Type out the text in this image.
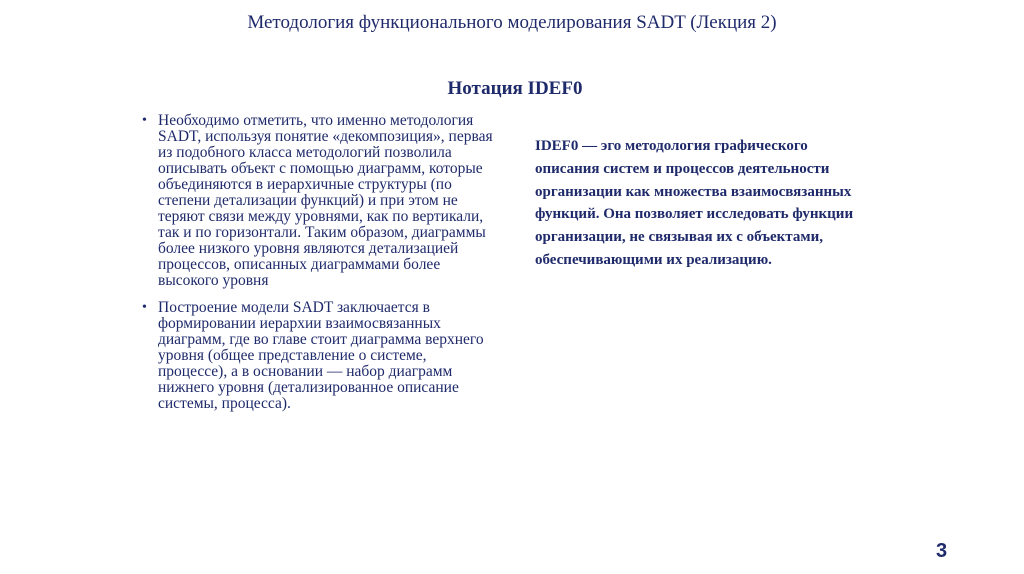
Методология функционального моделирования SADT (Лекция 2)
Нотация IDEF0
• Необходимо отметить, что именно методология SADT, используя понятие «декомпозиция», первая из подобного класса методологий позволила описывать объект с помощью диаграмм, которые объединяются в иерархичные структуры (по степени детализации функций) и при этом не теряют связи между уровнями, как по вертикали, так и по горизонтали. Таким образом, диаграммы более низкого уровня являются детализацией процессов, описанных диаграммами более высокого уровня
• Построение модели SADT заключается в формировании иерархии взаимосвязанных диаграмм, где во главе стоит диаграмма верхнего уровня (общее представление о системе, процессе), а в основании — набор диаграмм нижнего уровня (детализированное описание системы, процесса).
IDEF0 — эго методология графического описания систем и процессов деятельности организации как множества взаимосвязанных функций. Она позволяет исследовать функции организации, не связывая их с объектами, обеспечивающими их реализацию.
3
